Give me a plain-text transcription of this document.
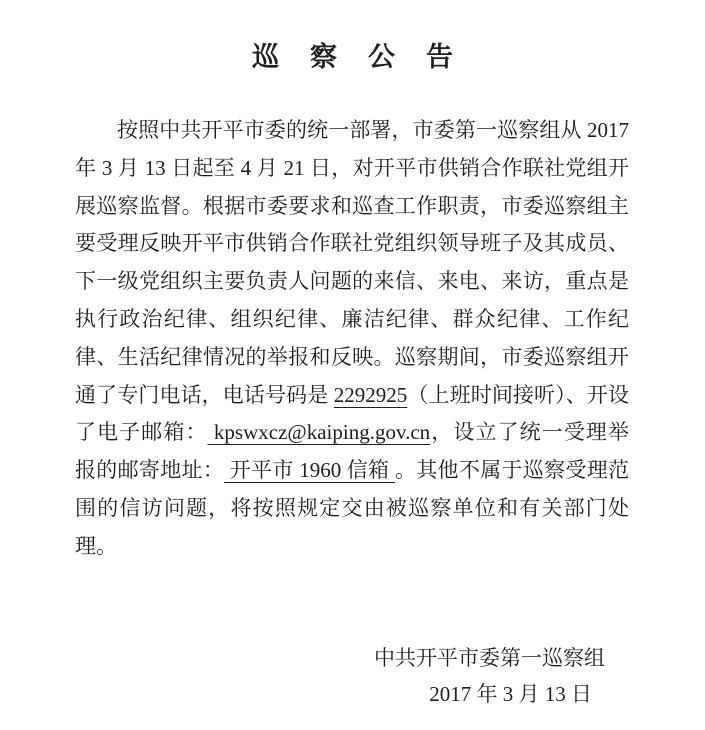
巡察公告

按照中共开平市委的统一部署，市委第一巡察组从 2017 年 3 月 13 日起至 4 月 21 日，对开平市供销合作联社党组开展巡察监督。根据市委要求和巡查工作职责，市委巡察组主要受理反映开平市供销合作联社党组织领导班子及其成员、下一级党组织主要负责人问题的来信、来电、来访，重点是执行政治纪律、组织纪律、廉洁纪律、群众纪律、工作纪律、生活纪律情况的举报和反映。巡察期间，市委巡察组开通了专门电话，电话号码是 2292925（上班时间接听）、开设了电子邮箱： kpswxcz@kaiping.gov.cn，设立了统一受理举报的邮寄地址： 开平市 1960 信箱 。其他不属于巡察受理范围的信访问题，将按照规定交由被巡察单位和有关部门处理。

中共开平市委第一巡察组
2017 年 3 月 13 日
